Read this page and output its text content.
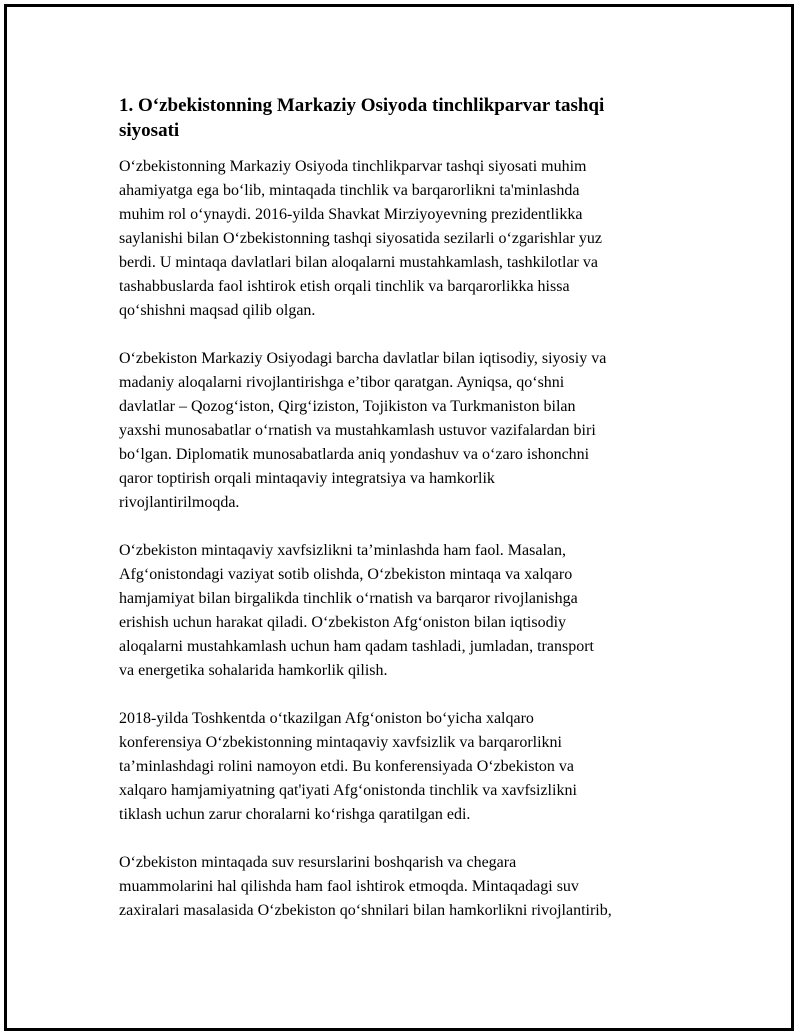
1. O‘zbekistonning Markaziy Osiyoda tinchlikparvar tashqi
siyosati

O‘zbekistonning Markaziy Osiyoda tinchlikparvar tashqi siyosati muhim
ahamiyatga ega bo‘lib, mintaqada tinchlik va barqarorlikni ta'minlashda
muhim rol o‘ynaydi. 2016-yilda Shavkat Mirziyoyevning prezidentlikka
saylanishi bilan O‘zbekistonning tashqi siyosatida sezilarli o‘zgarishlar yuz
berdi. U mintaqa davlatlari bilan aloqalarni mustahkamlash, tashkilotlar va
tashabbuslarda faol ishtirok etish orqali tinchlik va barqarorlikka hissa
qo‘shishni maqsad qilib olgan.

O‘zbekiston Markaziy Osiyodagi barcha davlatlar bilan iqtisodiy, siyosiy va
madaniy aloqalarni rivojlantirishga e’tibor qaratgan. Ayniqsa, qo‘shni
davlatlar – Qozog‘iston, Qirg‘iziston, Tojikiston va Turkmaniston bilan
yaxshi munosabatlar o‘rnatish va mustahkamlash ustuvor vazifalardan biri
bo‘lgan. Diplomatik munosabatlarda aniq yondashuv va o‘zaro ishonchni
qaror toptirish orqali mintaqaviy integratsiya va hamkorlik
rivojlantirilmoqda.

O‘zbekiston mintaqaviy xavfsizlikni ta’minlashda ham faol. Masalan,
Afg‘onistondagi vaziyat sotib olishda, O‘zbekiston mintaqa va xalqaro
hamjamiyat bilan birgalikda tinchlik o‘rnatish va barqaror rivojlanishga
erishish uchun harakat qiladi. O‘zbekiston Afg‘oniston bilan iqtisodiy
aloqalarni mustahkamlash uchun ham qadam tashladi, jumladan, transport
va energetika sohalarida hamkorlik qilish.

2018-yilda Toshkentda o‘tkazilgan Afg‘oniston bo‘yicha xalqaro
konferensiya O‘zbekistonning mintaqaviy xavfsizlik va barqarorlikni
ta’minlashdagi rolini namoyon etdi. Bu konferensiyada O‘zbekiston va
xalqaro hamjamiyatning qat'iyati Afg‘onistonda tinchlik va xavfsizlikni
tiklash uchun zarur choralarni ko‘rishga qaratilgan edi.

O‘zbekiston mintaqada suv resurslarini boshqarish va chegara
muammolarini hal qilishda ham faol ishtirok etmoqda. Mintaqadagi suv
zaxiralari masalasida O‘zbekiston qo‘shnilari bilan hamkorlikni rivojlantirib,
